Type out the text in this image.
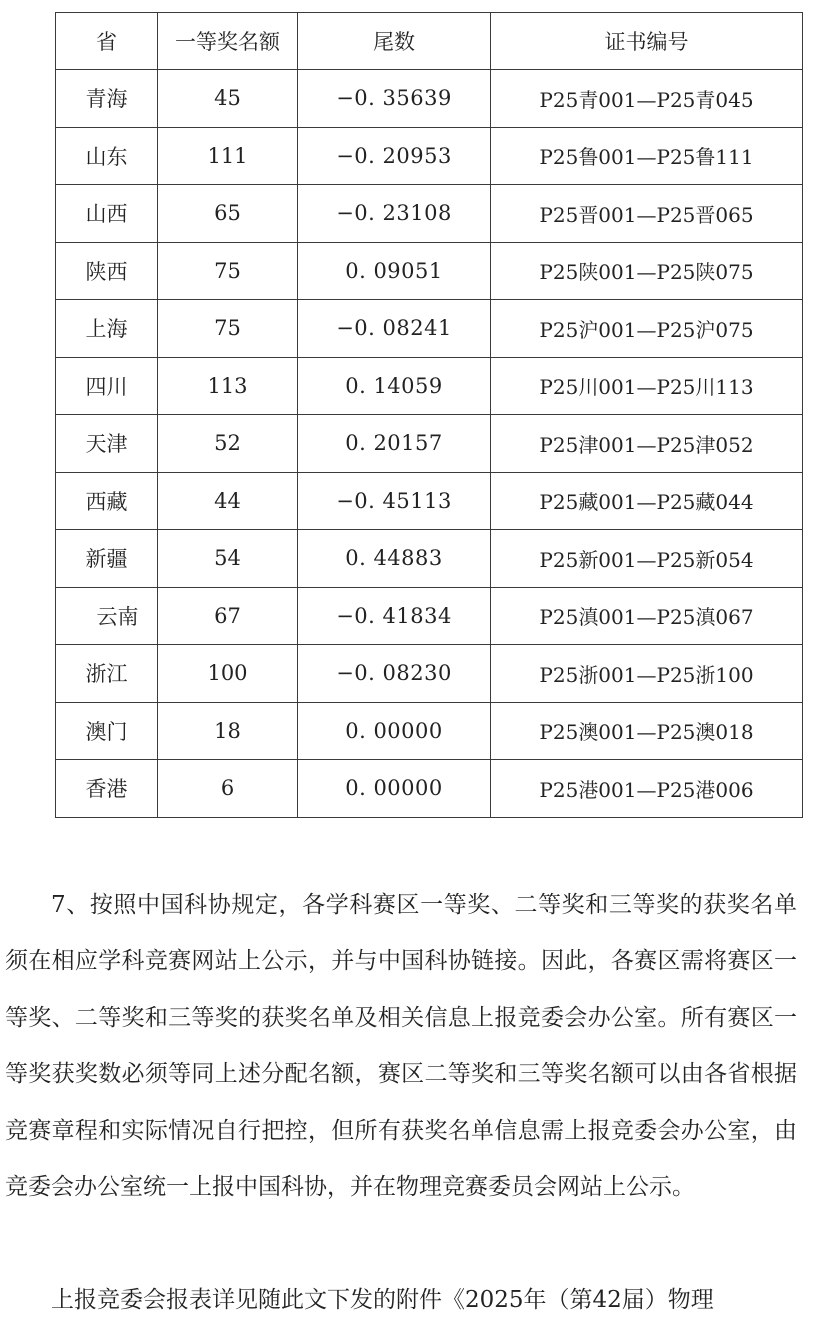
省	一等奖名额	尾数	证书编号
青海	45	−0. 35639	P25青001—P25青045
山东	111	−0. 20953	P25鲁001—P25鲁111
山西	65	−0. 23108	P25晋001—P25晋065
陕西	75	0. 09051	P25陕001—P25陕075
上海	75	−0. 08241	P25沪001—P25沪075
四川	113	0. 14059	P25川001—P25川113
天津	52	0. 20157	P25津001—P25津052
西藏	44	−0. 45113	P25藏001—P25藏044
新疆	54	0. 44883	P25新001—P25新054
云南	67	−0. 41834	P25滇001—P25滇067
浙江	100	−0. 08230	P25浙001—P25浙100
澳门	18	0. 00000	P25澳001—P25澳018
香港	6	0. 00000	P25港001—P25港006

7、按照中国科协规定，各学科赛区一等奖、二等奖和三等奖的获奖名单须在相应学科竞赛网站上公示，并与中国科协链接。因此，各赛区需将赛区一等奖、二等奖和三等奖的获奖名单及相关信息上报竞委会办公室。所有赛区一等奖获奖数必须等同上述分配名额，赛区二等奖和三等奖名额可以由各省根据竞赛章程和实际情况自行把控，但所有获奖名单信息需上报竞委会办公室，由竞委会办公室统一上报中国科协，并在物理竞赛委员会网站上公示。

上报竞委会报表详见随此文下发的附件《2025年（第42届）物理
